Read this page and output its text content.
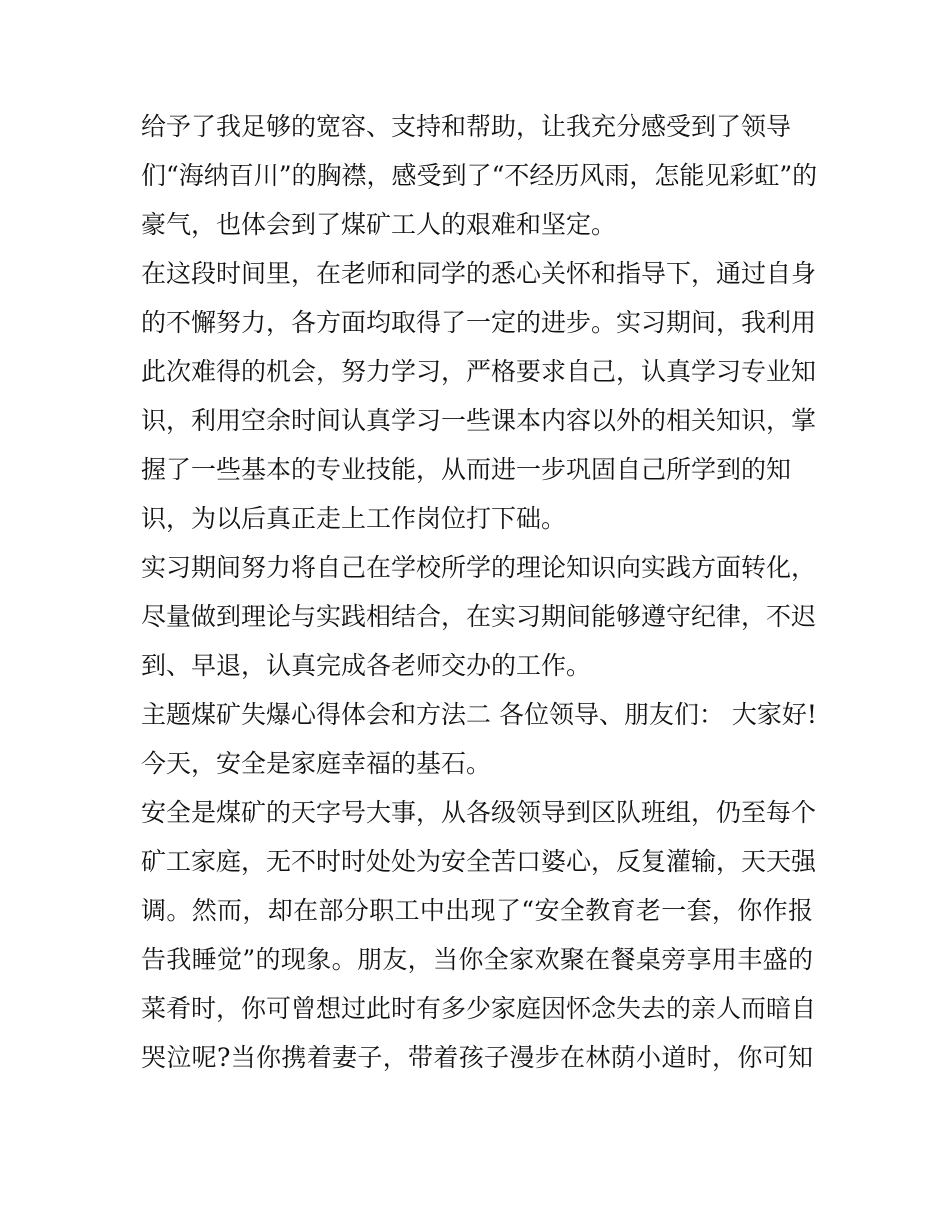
给予了我足够的宽容、支持和帮助，让我充分感受到了领导
们“海纳百川”的胸襟，感受到了“不经历风雨，怎能见彩虹”的
豪气，也体会到了煤矿工人的艰难和坚定。
在这段时间里，在老师和同学的悉心关怀和指导下，通过自身
的不懈努力，各方面均取得了一定的进步。实习期间，我利用
此次难得的机会，努力学习，严格要求自己，认真学习专业知
识，利用空余时间认真学习一些课本内容以外的相关知识，掌
握了一些基本的专业技能，从而进一步巩固自己所学到的知
识，为以后真正走上工作岗位打下础。
实习期间努力将自己在学校所学的理论知识向实践方面转化，
尽量做到理论与实践相结合，在实习期间能够遵守纪律，不迟
到、早退，认真完成各老师交办的工作。
主题煤矿失爆心得体会和方法二 各位领导、朋友们： 大家好!
今天，安全是家庭幸福的基石。
安全是煤矿的天字号大事，从各级领导到区队班组，仍至每个
矿工家庭，无不时时处处为安全苦口婆心，反复灌输，天天强
调。然而，却在部分职工中出现了“安全教育老一套，你作报
告我睡觉”的现象。朋友，当你全家欢聚在餐桌旁享用丰盛的
菜肴时，你可曾想过此时有多少家庭因怀念失去的亲人而暗自
哭泣呢?当你携着妻子，带着孩子漫步在林荫小道时，你可知
